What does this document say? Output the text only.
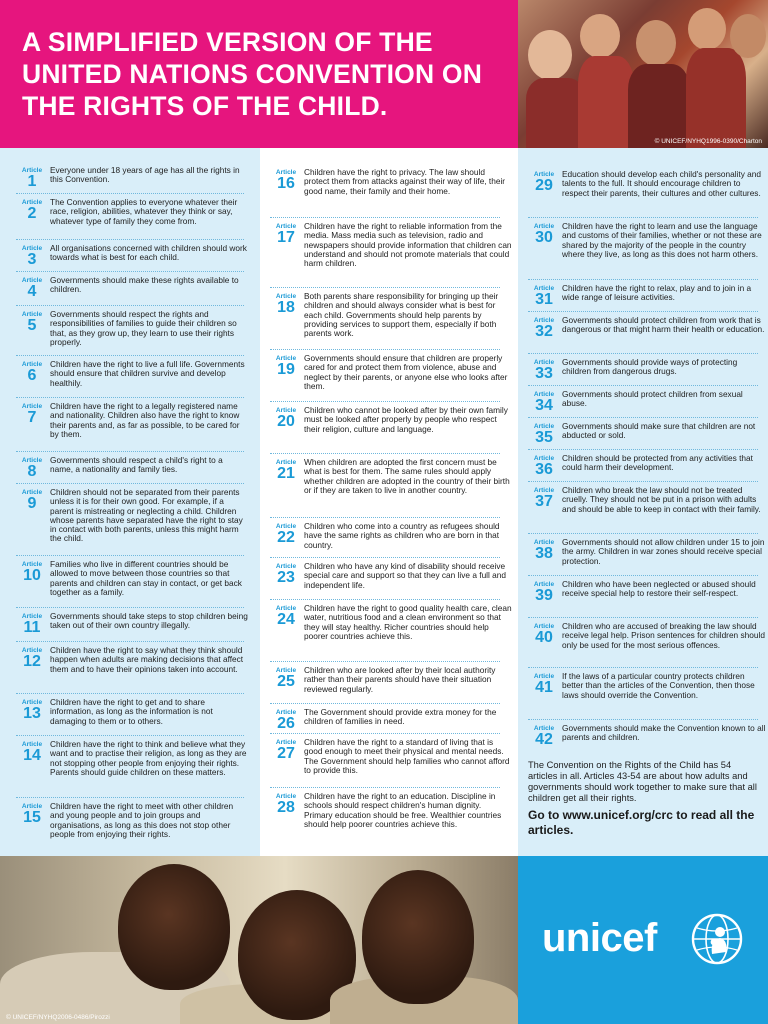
A SIMPLIFIED VERSION OF THE UNITED NATIONS CONVENTION ON THE RIGHTS OF THE CHILD.
© UNICEF/NYHQ1996-0390/Charton
Article
1
Everyone under 18 years of age has all the rights in this Convention.
Article
2
The Convention applies to everyone whatever their race, religion, abilities, whatever they think or say, whatever type of family they come from.
Article
3
All organisations concerned with children should work towards what is best for each child.
Article
4
Governments should make these rights available to children.
Article
5
Governments should respect the rights and responsibilities of families to guide their children so that, as they grow up, they learn to use their rights properly.
Article
6
Children have the right to live a full life. Governments should ensure that children survive and develop healthily.
Article
7
Children have the right to a legally registered name and nationality. Children also have the right to know their parents and, as far as possible, to be cared for by them.
Article
8
Governments should respect a child's right to a name, a nationality and family ties.
Article
9
Children should not be separated from their parents unless it is for their own good. For example, if a parent is mistreating or neglecting a child. Children whose parents have separated have the right to stay in contact with both parents, unless this might harm the child.
Article
10
Families who live in different countries should be allowed to move between those countries so that parents and children can stay in contact, or get back together as a family.
Article
11
Governments should take steps to stop children being taken out of their own country illegally.
Article
12
Children have the right to say what they think should happen when adults are making decisions that affect them and to have their opinions taken into account.
Article
13
Children have the right to get and to share information, as long as the information is not damaging to them or to others.
Article
14
Children have the right to think and believe what they want and to practise their religion, as long as they are not stopping other people from enjoying their rights. Parents should guide children on these matters.
Article
15
Children have the right to meet with other children and young people and to join groups and organisations, as long as this does not stop other people from enjoying their rights.
Article
16
Children have the right to privacy. The law should protect them from attacks against their way of life, their good name, their family and their home.
Article
17
Children have the right to reliable information from the media. Mass media such as television, radio and newspapers should provide information that children can understand and should not promote materials that could harm children.
Article
18
Both parents share responsibility for bringing up their children and should always consider what is best for each child. Governments should help parents by providing services to support them, especially if both parents work.
Article
19
Governments should ensure that children are properly cared for and protect them from violence, abuse and neglect by their parents, or anyone else who looks after them.
Article
20
Children who cannot be looked after by their own family must be looked after properly by people who respect their religion, culture and language.
Article
21
When children are adopted the first concern must be what is best for them. The same rules should apply whether children are adopted in the country of their birth or if they are taken to live in another country.
Article
22
Children who come into a country as refugees should have the same rights as children who are born in that country.
Article
23
Children who have any kind of disability should receive special care and support so that they can live a full and independent life.
Article
24
Children have the right to good quality health care, clean water, nutritious food and a clean environment so that they will stay healthy. Richer countries should help poorer countries achieve this.
Article
25
Children who are looked after by their local authority rather than their parents should have their situation reviewed regularly.
Article
26
The Government should provide extra money for the children of families in need.
Article
27
Children have the right to a standard of living that is good enough to meet their physical and mental needs. The Government should help families who cannot afford to provide this.
Article
28
Children have the right to an education. Discipline in schools should respect children's human dignity. Primary education should be free. Wealthier countries should help poorer countries achieve this.

The Convention on the Rights of the Child has 54 articles in all. Articles 43-54 are about how adults and governments should work together to make sure that all children get all their rights.

Go to www.unicef.org/crc to read all the articles.

Article
29
Education should develop each child's personality and talents to the full. It should encourage children to respect their parents, their cultures and other cultures.
Article
30
Children have the right to learn and use the language and customs of their families, whether or not these are shared by the majority of the people in the country where they live, as long as this does not harm others.
Article
31
Children have the right to relax, play and to join in a wide range of leisure activities.
Article
32
Governments should protect children from work that is dangerous or that might harm their health or education.
Article
33
Governments should provide ways of protecting children from dangerous drugs.
Article
34
Governments should protect children from sexual abuse.
Article
35
Governments should make sure that children are not abducted or sold.
Article
36
Children should be protected from any activities that could harm their development.
Article
37
Children who break the law should not be treated cruelly. They should not be put in a prison with adults and should be able to keep in contact with their family.
Article
38
Governments should not allow children under 15 to join the army. Children in war zones should receive special protection.
Article
39
Children who have been neglected or abused should receive special help to restore their self-respect.
Article
40
Children who are accused of breaking the law should receive legal help. Prison sentences for children should only be used for the most serious offences.
Article
41
If the laws of a particular country protects children better than the articles of the Convention, then those laws should override the Convention.
Article
42
Governments should make the Convention known to all parents and children.
© UNICEF/NYHQ2006-0486/Pirozzi
unicef
